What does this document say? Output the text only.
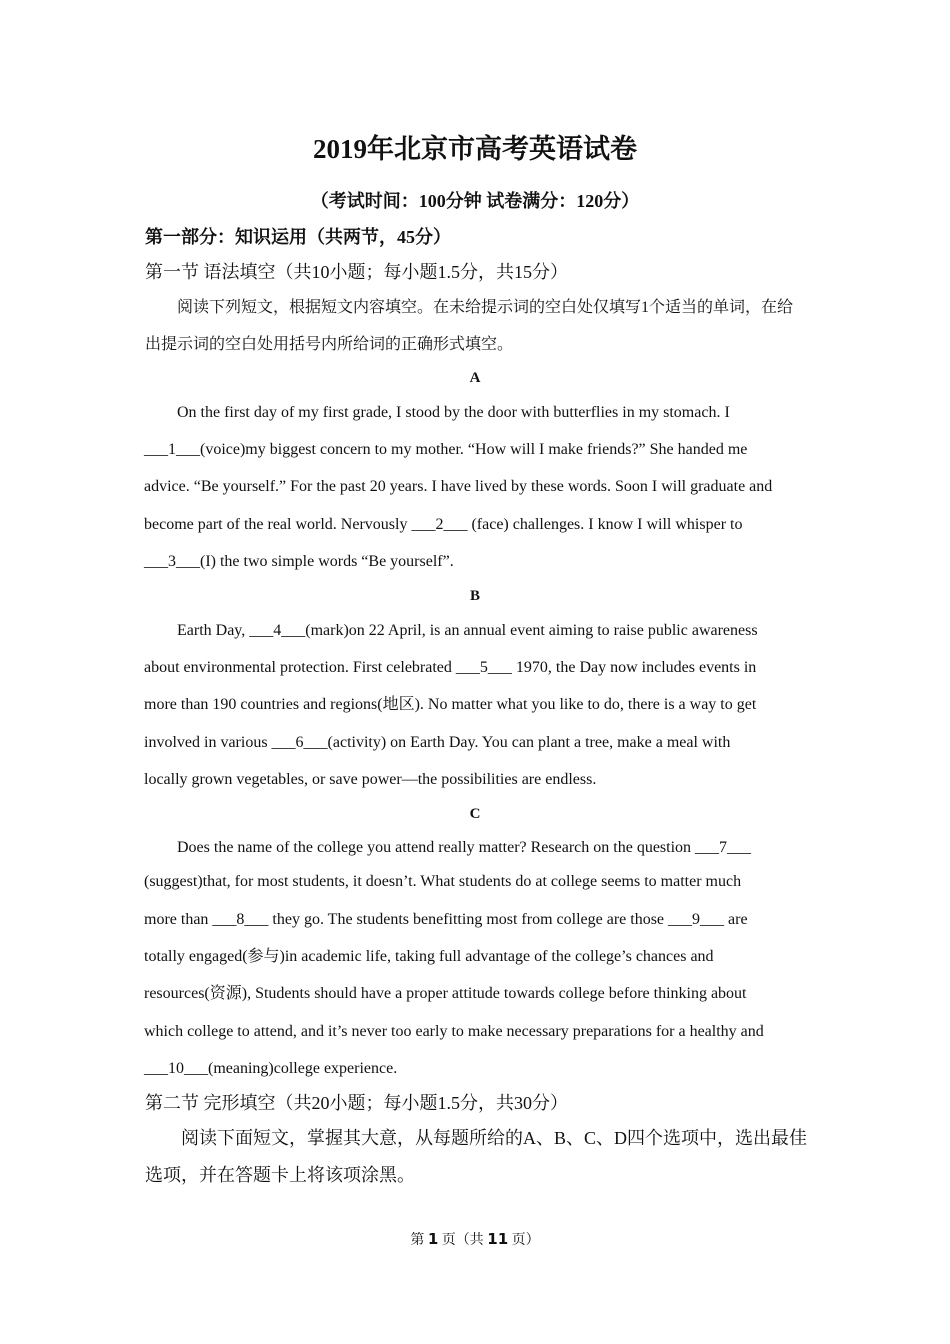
2019年北京市高考英语试卷
（考试时间：100分钟 试卷满分：120分）
第一部分：知识运用（共两节，45分）
第一节 语法填空（共10小题；每小题1.5分，共15分）
阅读下列短文，根据短文内容填空。在未给提示词的空白处仅填写1个适当的单词，在给出提示词的空白处用括号内所给词的正确形式填空。
A
On the first day of my first grade, I stood by the door with butterflies in my stomach. I
___1___(voice)my biggest concern to my mother. “How will I make friends?” She handed me
advice. “Be yourself.” For the past 20 years. I have lived by these words. Soon I will graduate and
become part of the real world. Nervously ___2___ (face) challenges. I know I will whisper to
___3___(I) the two simple words “Be yourself”.
B
Earth Day, ___4___(mark)on 22 April, is an annual event aiming to raise public awareness
about environmental protection. First celebrated ___5___ 1970, the Day now includes events in
more than 190 countries and regions(地区). No matter what you like to do, there is a way to get
involved in various ___6___(activity) on Earth Day. You can plant a tree, make a meal with
locally grown vegetables, or save power—the possibilities are endless.
C
Does the name of the college you attend really matter? Research on the question ___7___
(suggest)that, for most students, it doesn’t. What students do at college seems to matter much
more than ___8___ they go. The students benefitting most from college are those ___9___ are
totally engaged(参与)in academic life, taking full advantage of the college’s chances and
resources(资源), Students should have a proper attitude towards college before thinking about
which college to attend, and it’s never too early to make necessary preparations for a healthy and
___10___(meaning)college experience.
第二节 完形填空（共20小题；每小题1.5分，共30分）
阅读下面短文，掌握其大意，从每题所给的A、B、C、D四个选项中，选出最佳选项，并在答题卡上将该项涂黑。
第 1 页（共 11 页）
